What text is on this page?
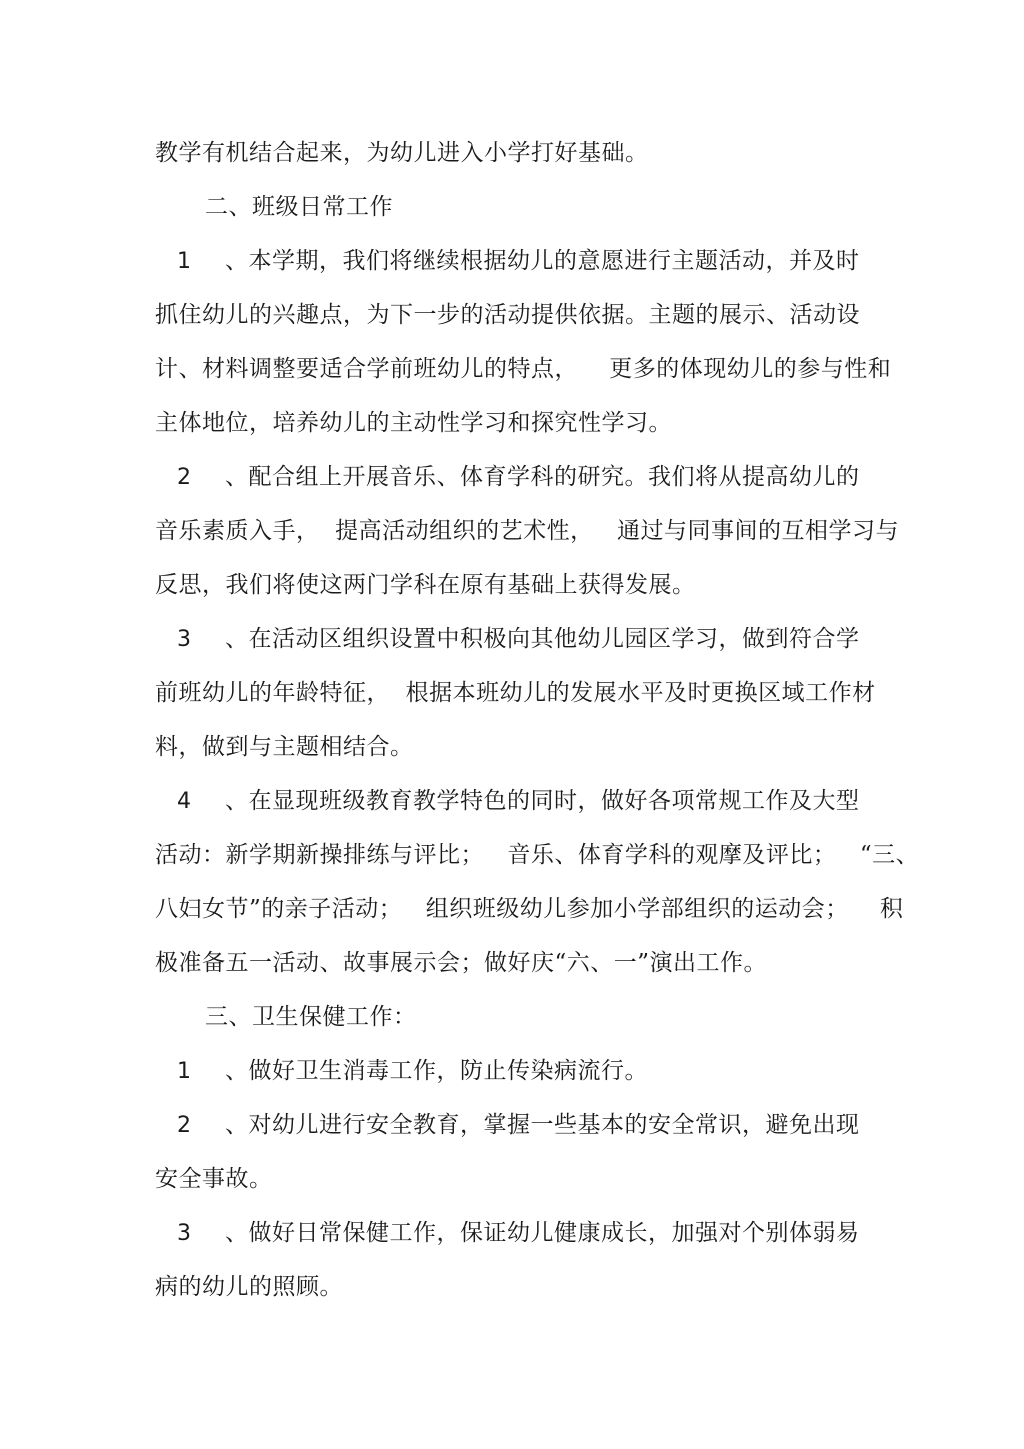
教学有机结合起来，为幼儿进入小学打好基础。
二、班级日常工作
1 、本学期，我们将继续根据幼儿的意愿进行主题活动，并及时
抓住幼儿的兴趣点，为下一步的活动提供依据。主题的展示、活动设
计、材料调整要适合学前班幼儿的特点，    更多的体现幼儿的参与性和
主体地位，培养幼儿的主动性学习和探究性学习。
2 、配合组上开展音乐、体育学科的研究。我们将从提高幼儿的
音乐素质入手，  提高活动组织的艺术性，   通过与同事间的互相学习与
反思，我们将使这两门学科在原有基础上获得发展。
3 、在活动区组织设置中积极向其他幼儿园区学习，做到符合学
前班幼儿的年龄特征，  根据本班幼儿的发展水平及时更换区域工作材
料，做到与主题相结合。
4 、在显现班级教育教学特色的同时，做好各项常规工作及大型
活动：新学期新操排练与评比；   音乐、体育学科的观摩及评比；   “三、
八妇女节”的亲子活动；   组织班级幼儿参加小学部组织的运动会；    积
极准备五一活动、故事展示会；做好庆“六、一”演出工作。
三、卫生保健工作：
1 、做好卫生消毒工作，防止传染病流行。
2 、对幼儿进行安全教育，掌握一些基本的安全常识，避免出现
安全事故。
3 、做好日常保健工作，保证幼儿健康成长，加强对个别体弱易
病的幼儿的照顾。
